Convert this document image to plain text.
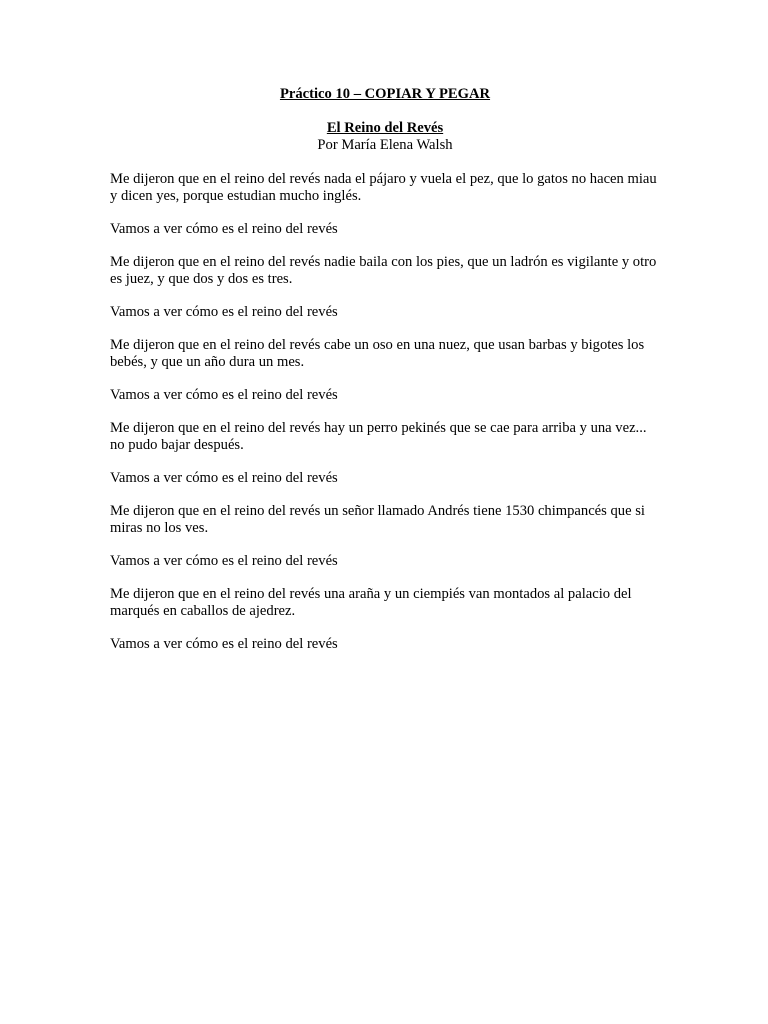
Práctico 10 – COPIAR Y PEGAR

El Reino del Revés

Por María Elena Walsh

Me dijeron que en el reino del revés nada el pájaro y vuela el pez, que lo gatos no hacen miau y dicen yes, porque estudian mucho inglés.

Vamos a ver cómo es el reino del revés

Me dijeron que en el reino del revés nadie baila con los pies, que un ladrón es vigilante y otro es juez, y que dos y dos es tres.

Vamos a ver cómo es el reino del revés

Me dijeron que en el reino del revés cabe un oso en una nuez, que usan barbas y bigotes los bebés, y que un año dura un mes.

Vamos a ver cómo es el reino del revés

Me dijeron que en el reino del revés hay un perro pekinés que se cae para arriba y una vez... no pudo bajar después.

Vamos a ver cómo es el reino del revés

Me dijeron que en el reino del revés un señor llamado Andrés tiene 1530 chimpancés que si miras no los ves.

Vamos a ver cómo es el reino del revés

Me dijeron que en el reino del revés una araña y un ciempiés van montados al palacio del marqués en caballos de ajedrez.

Vamos a ver cómo es el reino del revés
